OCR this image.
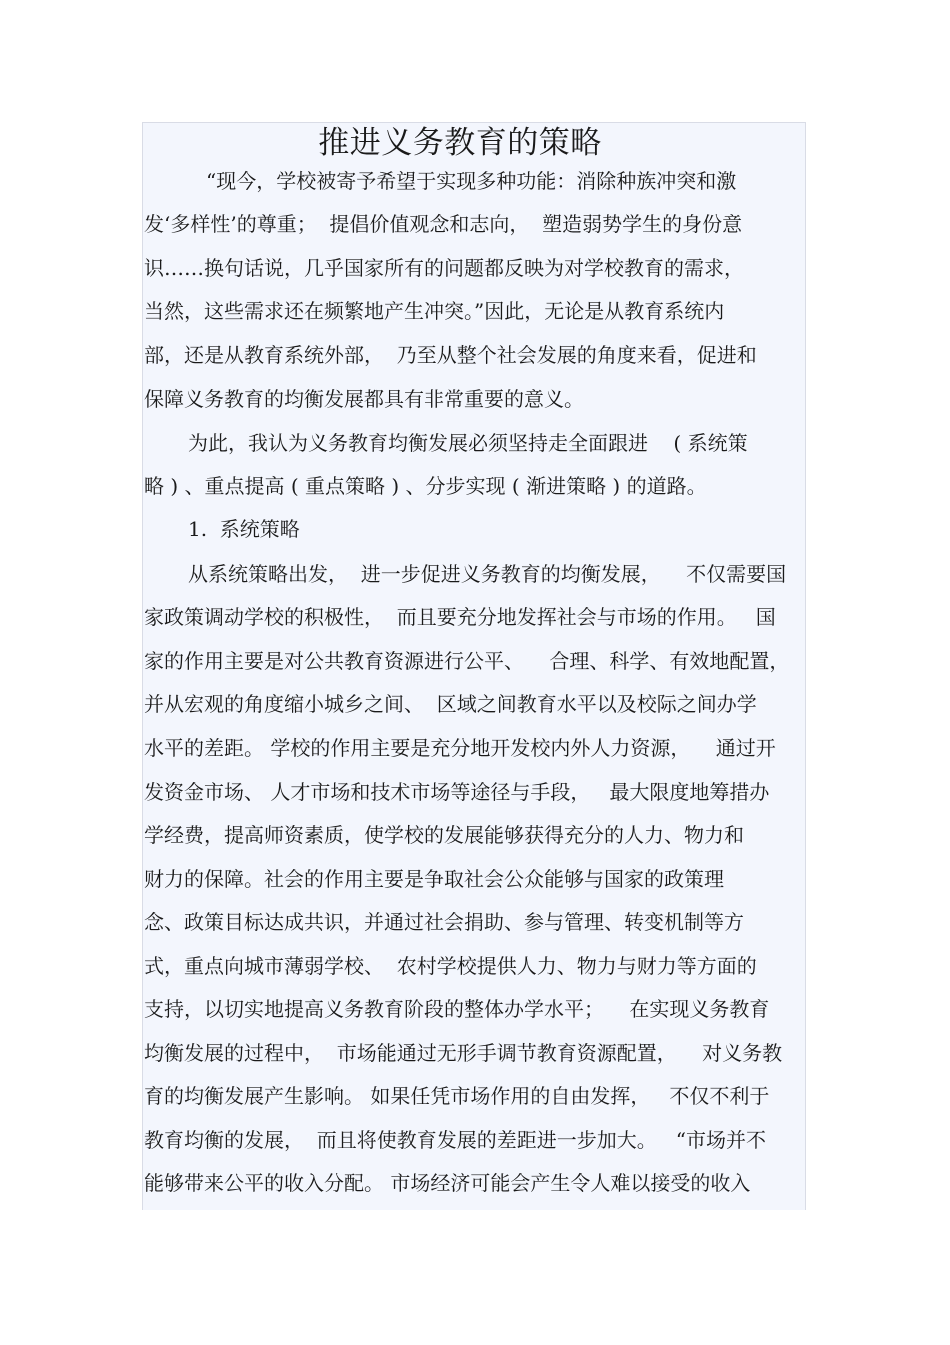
推进义务教育的策略

“现今，学校被寄予希望于实现多种功能：消除种族冲突和激

发‘多样性’的尊重；  提倡价值观念和志向，  塑造弱势学生的身份意

识……换句话说，几乎国家所有的问题都反映为对学校教育的需求，

当然，这些需求还在频繁地产生冲突。”因此，无论是从教育系统内

部，还是从教育系统外部，  乃至从整个社会发展的角度来看，促进和

保障义务教育的均衡发展都具有非常重要的意义。

为此，我认为义务教育均衡发展必须坚持走全面跟进    ( 系统策

略 ) 、重点提高 ( 重点策略 ) 、分步实现 ( 渐进策略 ) 的道路。

1.  系统策略

从系统策略出发，  进一步促进义务教育的均衡发展，    不仅需要国

家政策调动学校的积极性，  而且要充分地发挥社会与市场的作用。   国

家的作用主要是对公共教育资源进行公平、    合理、科学、有效地配置，

并从宏观的角度缩小城乡之间、  区域之间教育水平以及校际之间办学

水平的差距。 学校的作用主要是充分地开发校内外人力资源，    通过开

发资金市场、 人才市场和技术市场等途径与手段，   最大限度地筹措办

学经费，提高师资素质，使学校的发展能够获得充分的人力、物力和

财力的保障。社会的作用主要是争取社会公众能够与国家的政策理

念、政策目标达成共识，并通过社会捐助、参与管理、转变机制等方

式，重点向城市薄弱学校、  农村学校提供人力、物力与财力等方面的

支持，以切实地提高义务教育阶段的整体办学水平；    在实现义务教育

均衡发展的过程中，  市场能通过无形手调节教育资源配置，    对义务教

育的均衡发展产生影响。 如果任凭市场作用的自由发挥，   不仅不利于

教育均衡的发展，  而且将使教育发展的差距进一步加大。   “市场并不

能够带来公平的收入分配。 市场经济可能会产生令人难以接受的收入
